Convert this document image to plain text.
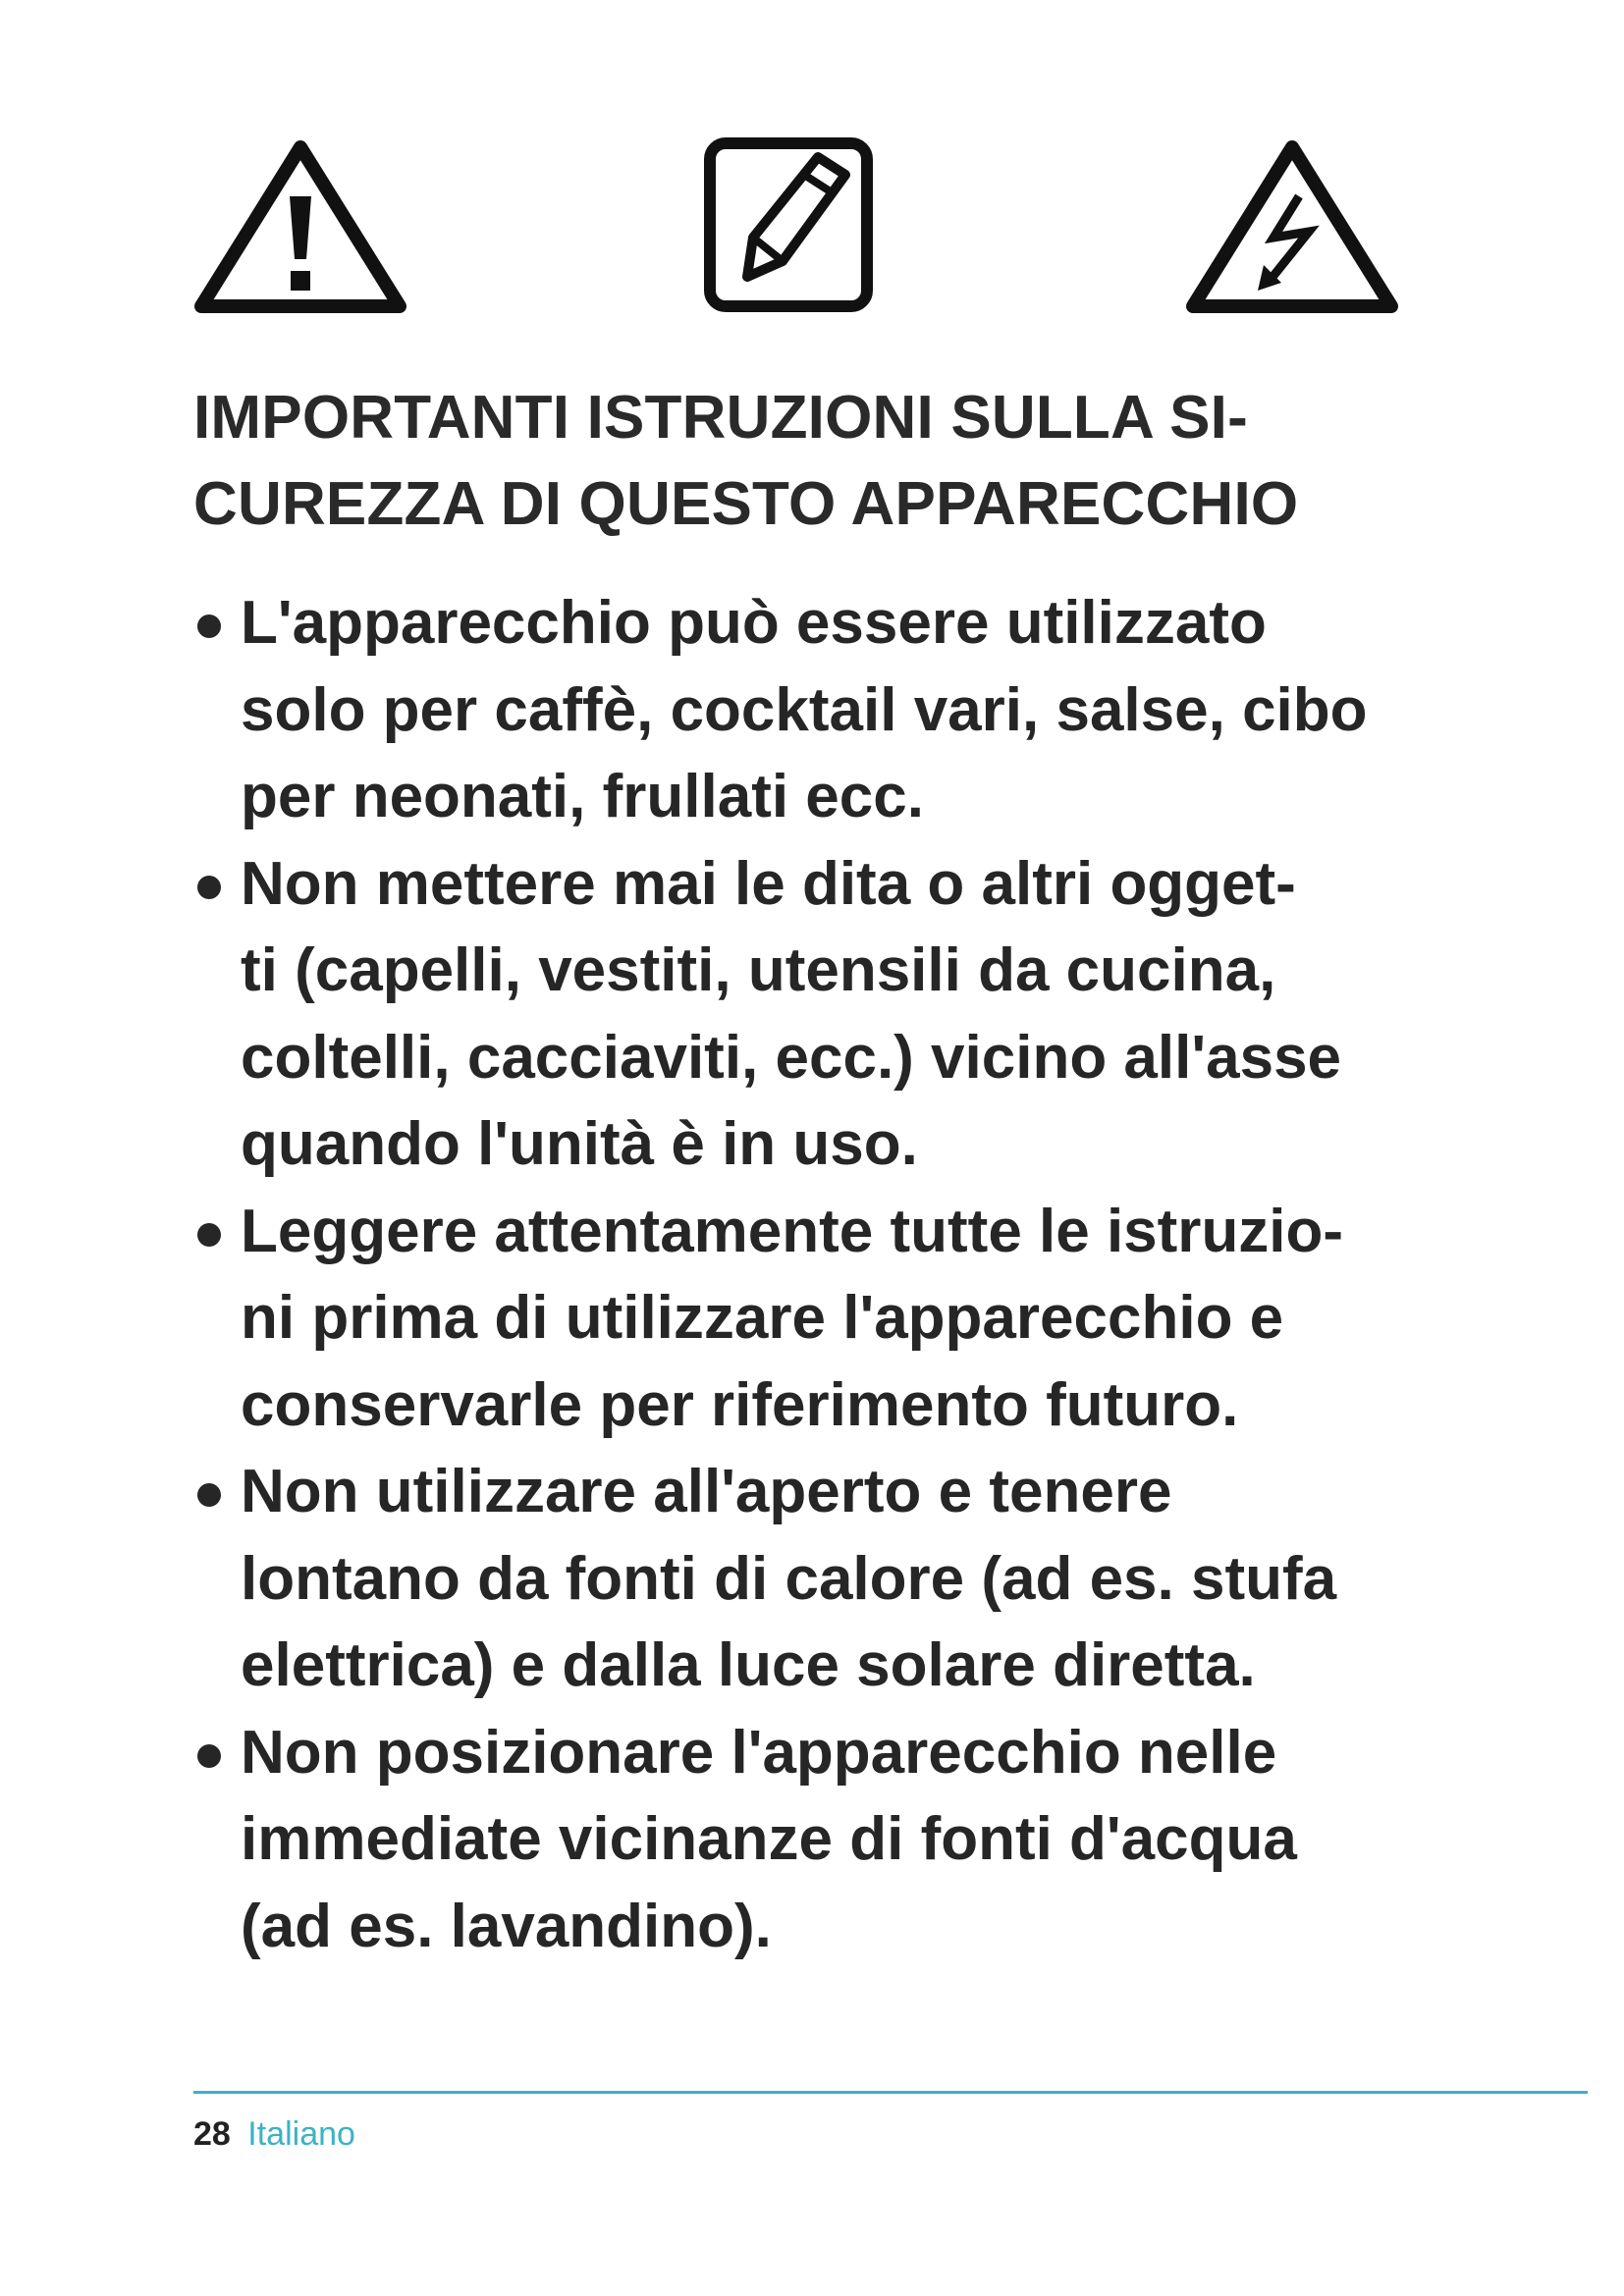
IMPORTANTI ISTRUZIONI SULLA SI-
CUREZZA DI QUESTO APPARECCHIO
L'apparecchio può essere utilizzato
solo per caffè, cocktail vari, salse, cibo
per neonati, frullati ecc.
Non mettere mai le dita o altri ogget-
ti (capelli, vestiti, utensili da cucina,
coltelli, cacciaviti, ecc.) vicino all'asse
quando l'unità è in uso.
Leggere attentamente tutte le istruzio-
ni prima di utilizzare l'apparecchio e
conservarle per riferimento futuro.
Non utilizzare all'aperto e tenere
lontano da fonti di calore (ad es. stufa
elettrica) e dalla luce solare diretta.
Non posizionare l'apparecchio nelle
immediate vicinanze di fonti d'acqua
(ad es. lavandino).
28 Italiano
